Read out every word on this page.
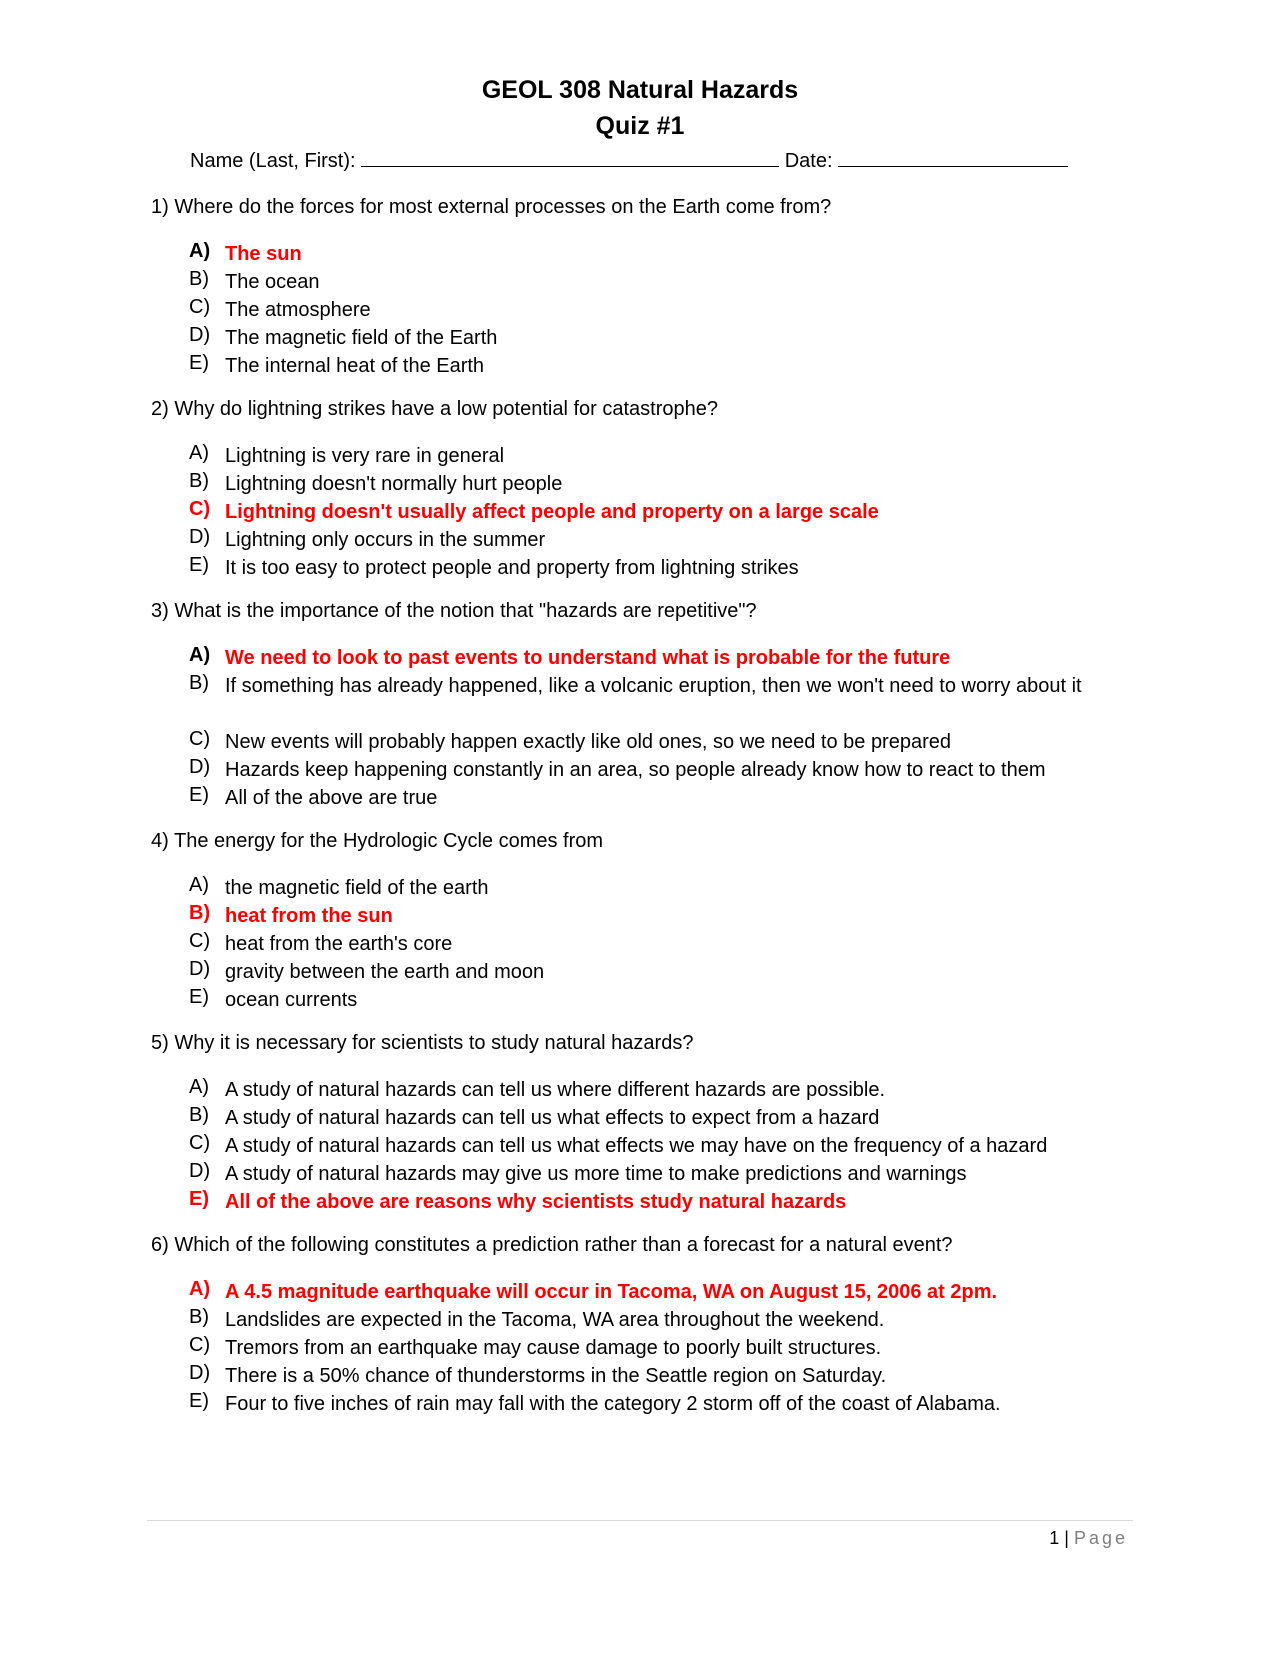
GEOL 308 Natural Hazards
Quiz #1
Name (Last, First):	Date:
1) Where do the forces for most external processes on the Earth come from?
A) The sun
B) The ocean
C) The atmosphere
D) The magnetic field of the Earth
E) The internal heat of the Earth
2) Why do lightning strikes have a low potential for catastrophe?
A) Lightning is very rare in general
B) Lightning doesn't normally hurt people
C) Lightning doesn't usually affect people and property on a large scale
D) Lightning only occurs in the summer
E) It is too easy to protect people and property from lightning strikes
3) What is the importance of the notion that "hazards are repetitive"?
A) We need to look to past events to understand what is probable for the future
B) If something has already happened, like a volcanic eruption, then we won't need to worry about it
C) New events will probably happen exactly like old ones, so we need to be prepared
D) Hazards keep happening constantly in an area, so people already know how to react to them
E) All of the above are true
4) The energy for the Hydrologic Cycle comes from
A) the magnetic field of the earth
B) heat from the sun
C) heat from the earth's core
D) gravity between the earth and moon
E) ocean currents
5) Why it is necessary for scientists to study natural hazards?
A) A study of natural hazards can tell us where different hazards are possible.
B) A study of natural hazards can tell us what effects to expect from a hazard
C) A study of natural hazards can tell us what effects we may have on the frequency of a hazard
D) A study of natural hazards may give us more time to make predictions and warnings
E) All of the above are reasons why scientists study natural hazards
6) Which of the following constitutes a prediction rather than a forecast for a natural event?
A) A 4.5 magnitude earthquake will occur in Tacoma, WA on August 15, 2006 at 2pm.
B) Landslides are expected in the Tacoma, WA area throughout the weekend.
C) Tremors from an earthquake may cause damage to poorly built structures.
D) There is a 50% chance of thunderstorms in the Seattle region on Saturday.
E) Four to five inches of rain may fall with the category 2 storm off of the coast of Alabama.
1 | Page
